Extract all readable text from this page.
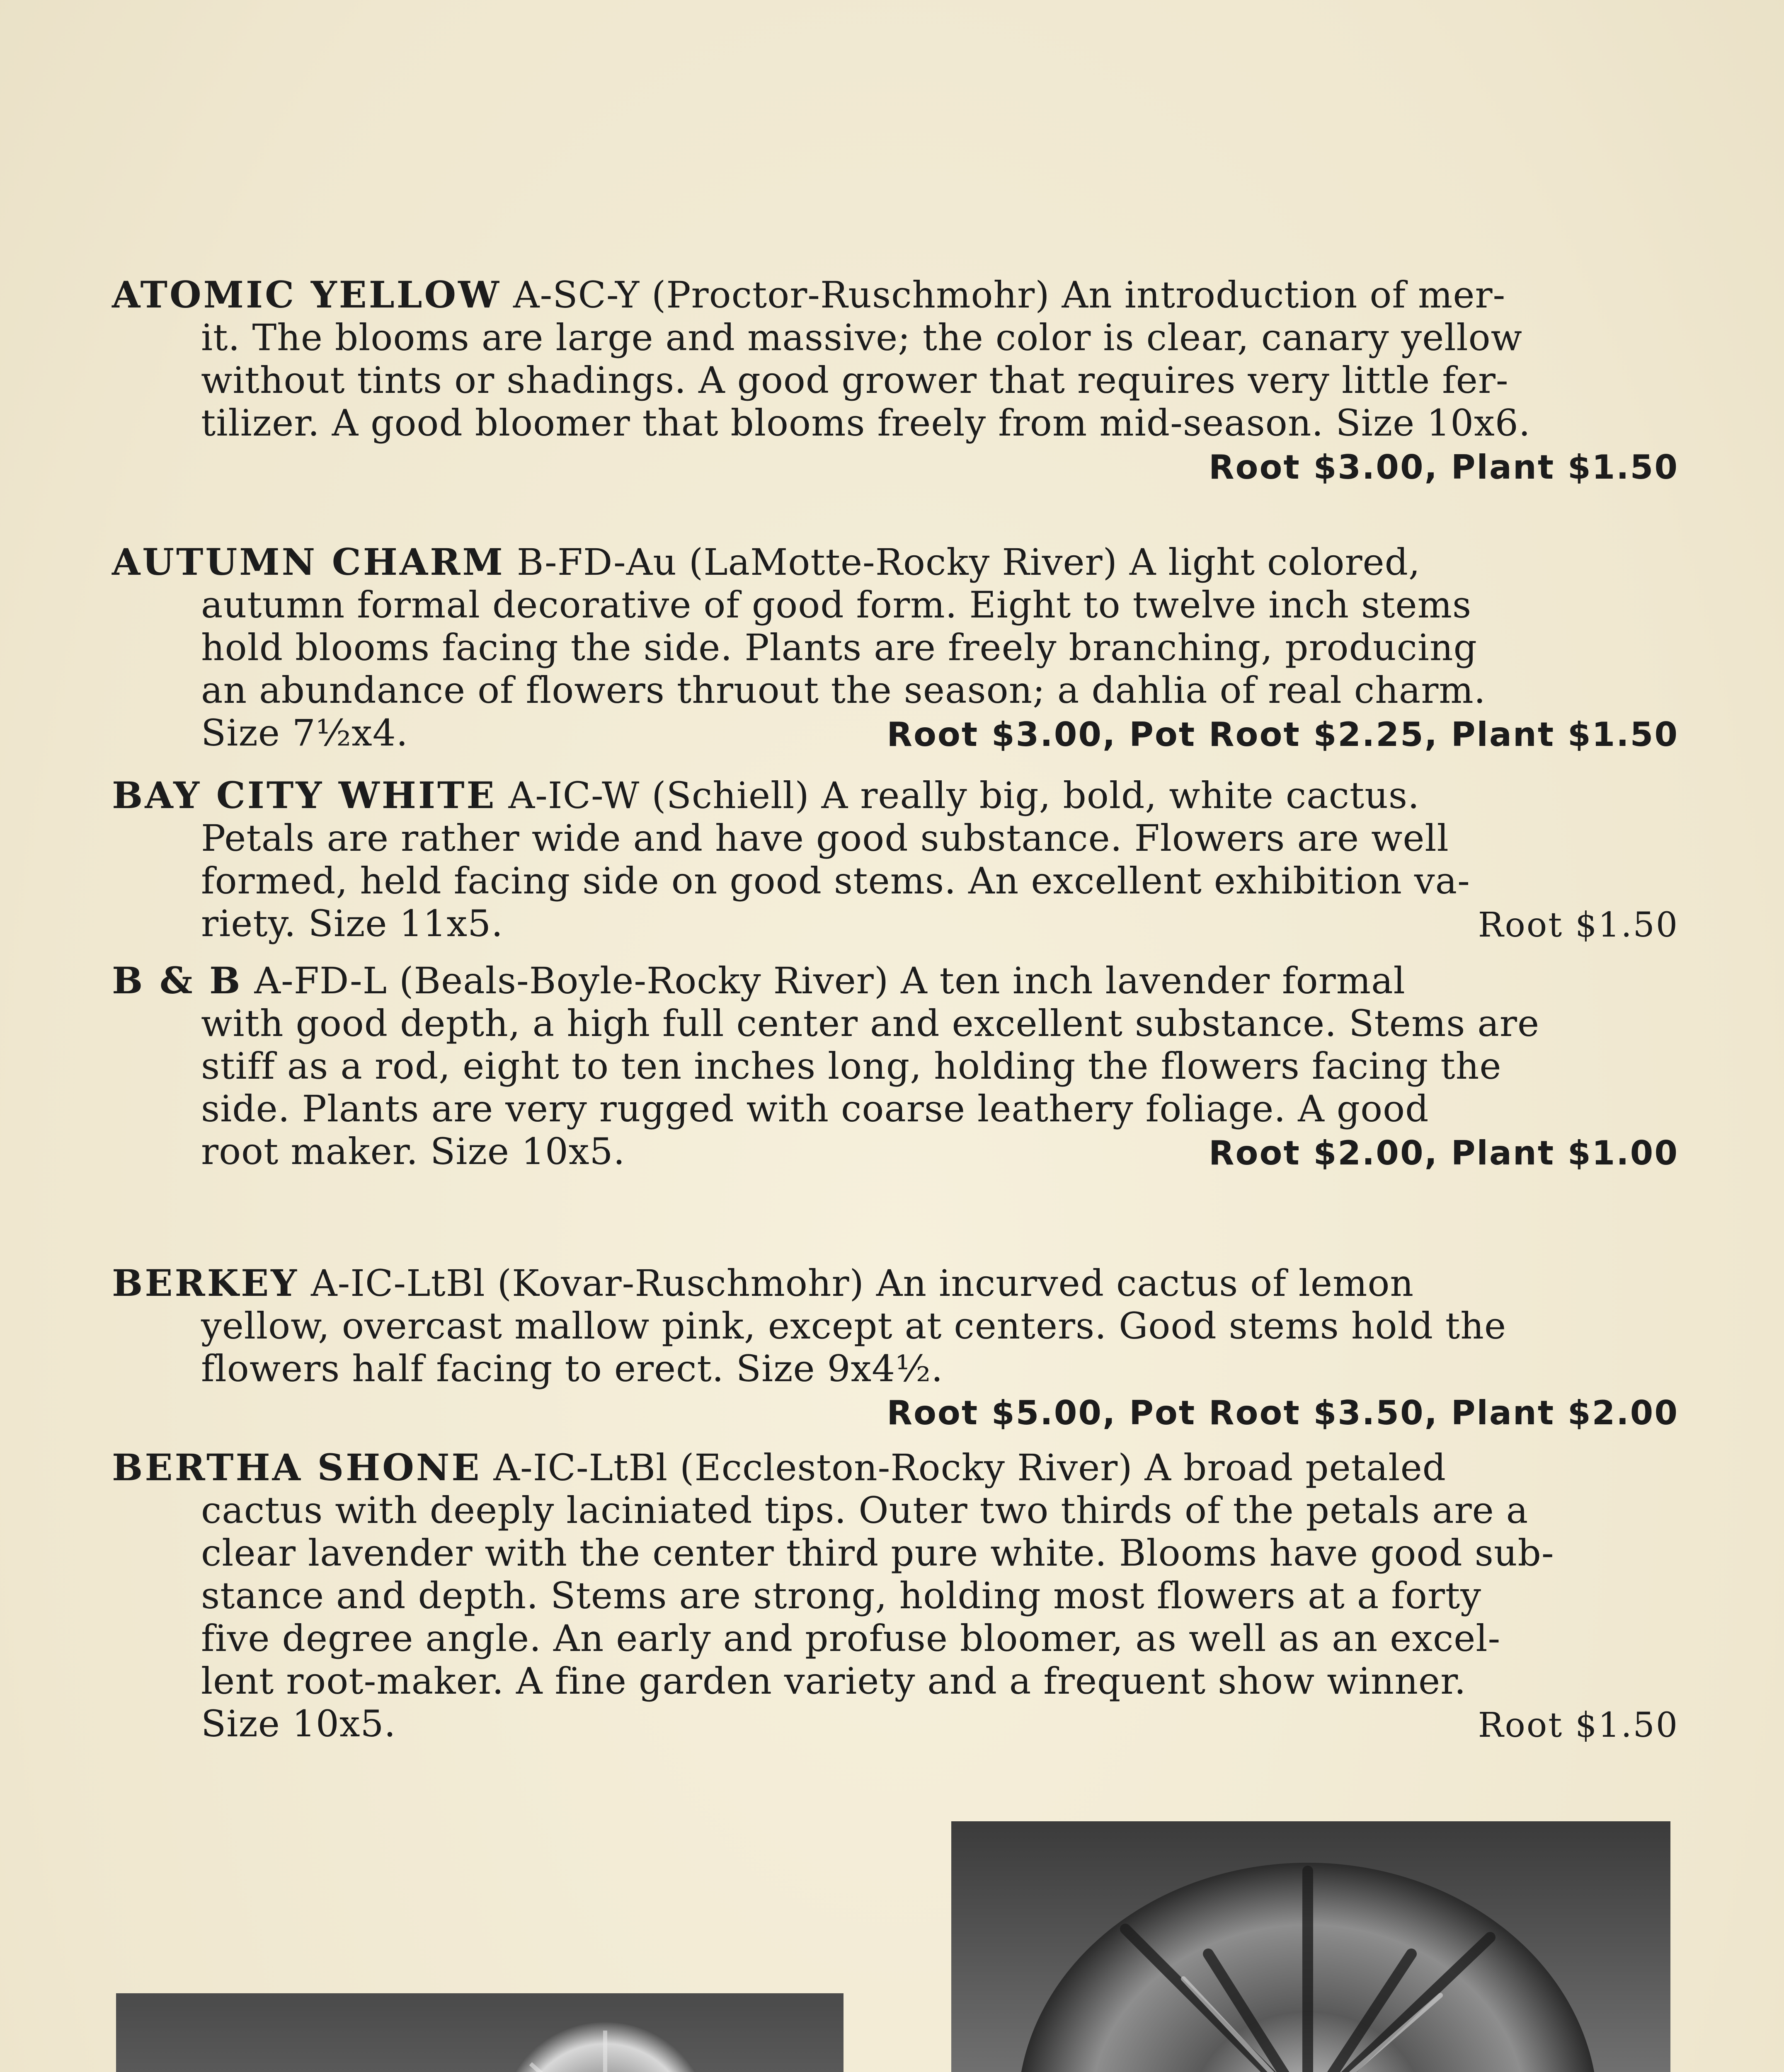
ATOMIC YELLOW A-SC-Y (Proctor-Ruschmohr) An introduction of mer-
it. The blooms are large and massive; the color is clear, canary yellow
without tints or shadings. A good grower that requires very little fer-
tilizer. A good bloomer that blooms freely from mid-season. Size 10x6.
Root $3.00, Plant $1.50
AUTUMN CHARM B-FD-Au (LaMotte-Rocky River) A light colored,
autumn formal decorative of good form. Eight to twelve inch stems
hold blooms facing the side. Plants are freely branching, producing
an abundance of flowers thruout the season; a dahlia of real charm.
Size 7½x4.	Root $3.00, Pot Root $2.25, Plant $1.50
BAY CITY WHITE A-IC-W (Schiell) A really big, bold, white cactus.
Petals are rather wide and have good substance. Flowers are well
formed, held facing side on good stems. An excellent exhibition va-
riety. Size 11x5.	Root $1.50
B & B A-FD-L (Beals-Boyle-Rocky River) A ten inch lavender formal
with good depth, a high full center and excellent substance. Stems are
stiff as a rod, eight to ten inches long, holding the flowers facing the
side. Plants are very rugged with coarse leathery foliage. A good
root maker. Size 10x5.	Root $2.00, Plant $1.00
BERKEY A-IC-LtBl (Kovar-Ruschmohr) An incurved cactus of lemon
yellow, overcast mallow pink, except at centers. Good stems hold the
flowers half facing to erect. Size 9x4½.
Root $5.00, Pot Root $3.50, Plant $2.00
BERTHA SHONE A-IC-LtBl (Eccleston-Rocky River) A broad petaled
cactus with deeply laciniated tips. Outer two thirds of the petals are a
clear lavender with the center third pure white. Blooms have good sub-
stance and depth. Stems are strong, holding most flowers at a forty
five degree angle. An early and profuse bloomer, as well as an excel-
lent root-maker. A fine garden variety and a frequent show winner.
Size 10x5.	Root $1.50
